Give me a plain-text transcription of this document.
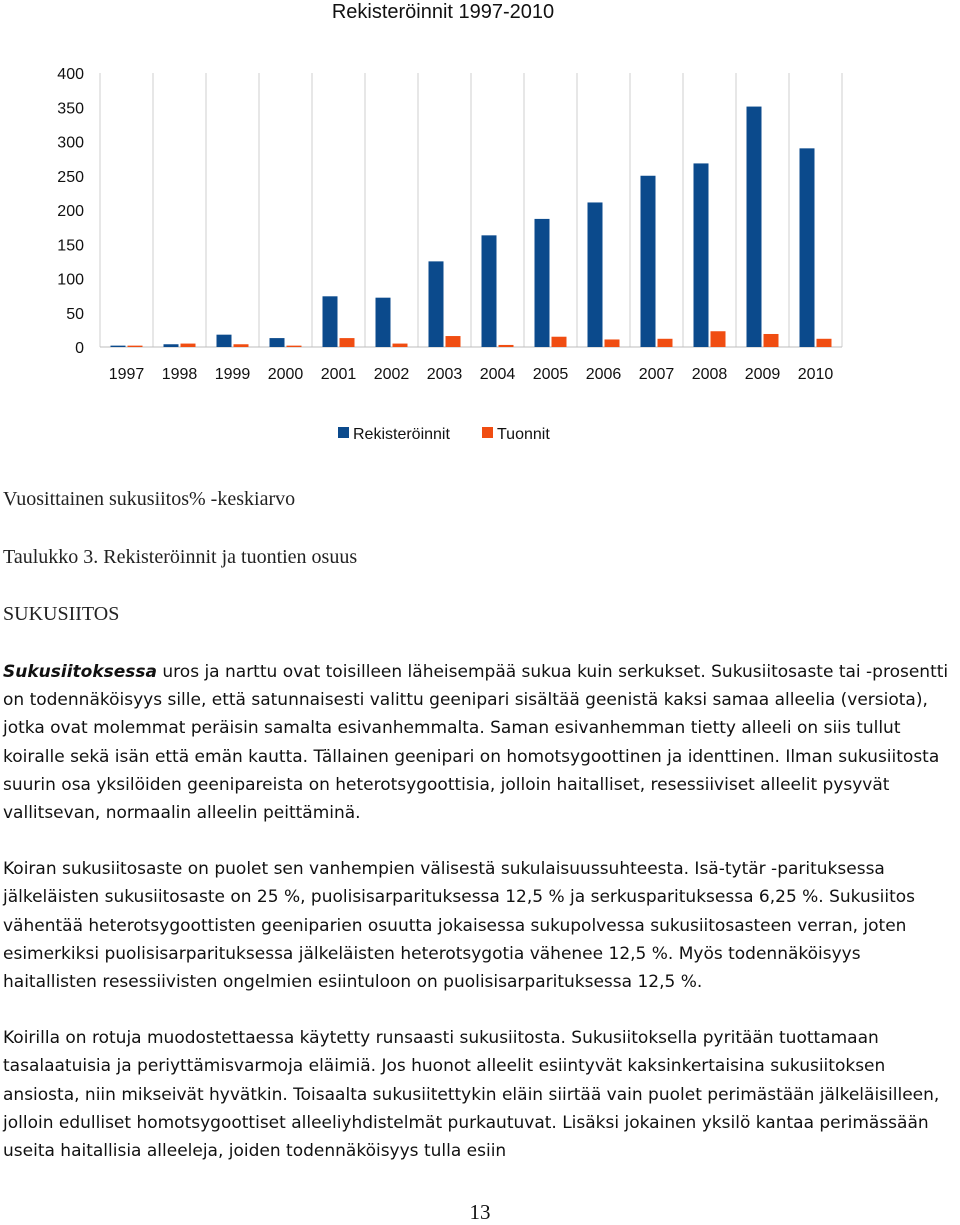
Rekisteröinnit 1997-2010
0
50
100
150
200
250
300
350
400
1997 1998 1999 2000 2001 2002 2003 2004 2005 2006 2007 2008 2009 2010
Rekisteröinnit	Tuonnit
Vuosittainen sukusiitos% -keskiarvo
Taulukko 3. Rekisteröinnit ja tuontien osuus
SUKUSIITOS

Sukusiitoksessa uros ja narttu ovat toisilleen läheisempää sukua kuin serkukset. Sukusiitosaste tai -prosentti on todennäköisyys sille, että satunnaisesti valittu geenipari sisältää geenistä kaksi samaa alleelia (versiota), jotka ovat molemmat peräisin samalta esivanhemmalta. Saman esivanhemman tietty alleeli on siis tullut koiralle sekä isän että emän kautta. Tällainen geenipari on homotsygoottinen ja identtinen. Ilman sukusiitosta suurin osa yksilöiden geenipareista on heterotsygoottisia, jolloin haitalliset, resessiiviset alleelit pysyvät vallitsevan, normaalin alleelin peittäminä.

Koiran sukusiitosaste on puolet sen vanhempien välisestä sukulaisuussuhteesta. Isä-tytär -parituksessa jälkeläisten sukusiitosaste on 25 %, puolisisarparituksessa 12,5 % ja serkusparituksessa 6,25 %. Sukusiitos vähentää heterotsygoottisten geeniparien osuutta jokaisessa sukupolvessa sukusiitosasteen verran, joten esimerkiksi puolisisarparituksessa jälkeläisten heterotsygotia vähenee 12,5 %. Myös todennäköisyys haitallisten resessiivisten ongelmien esiintuloon on puolisisarparituksessa 12,5 %.

Koirilla on rotuja muodostettaessa käytetty runsaasti sukusiitosta. Sukusiitoksella pyritään tuottamaan tasalaatuisia ja periyttämisvarmoja eläimiä. Jos huonot alleelit esiintyvät kaksinkertaisina sukusiitoksen ansiosta, niin mikseivät hyvätkin. Toisaalta sukusiitettykin eläin siirtää vain puolet perimästään jälkeläisilleen, jolloin edulliset homotsygoottiset alleeliyhdistelmät purkautuvat. Lisäksi jokainen yksilö kantaa perimässään useita haitallisia alleeleja, joiden todennäköisyys tulla esiin

13
